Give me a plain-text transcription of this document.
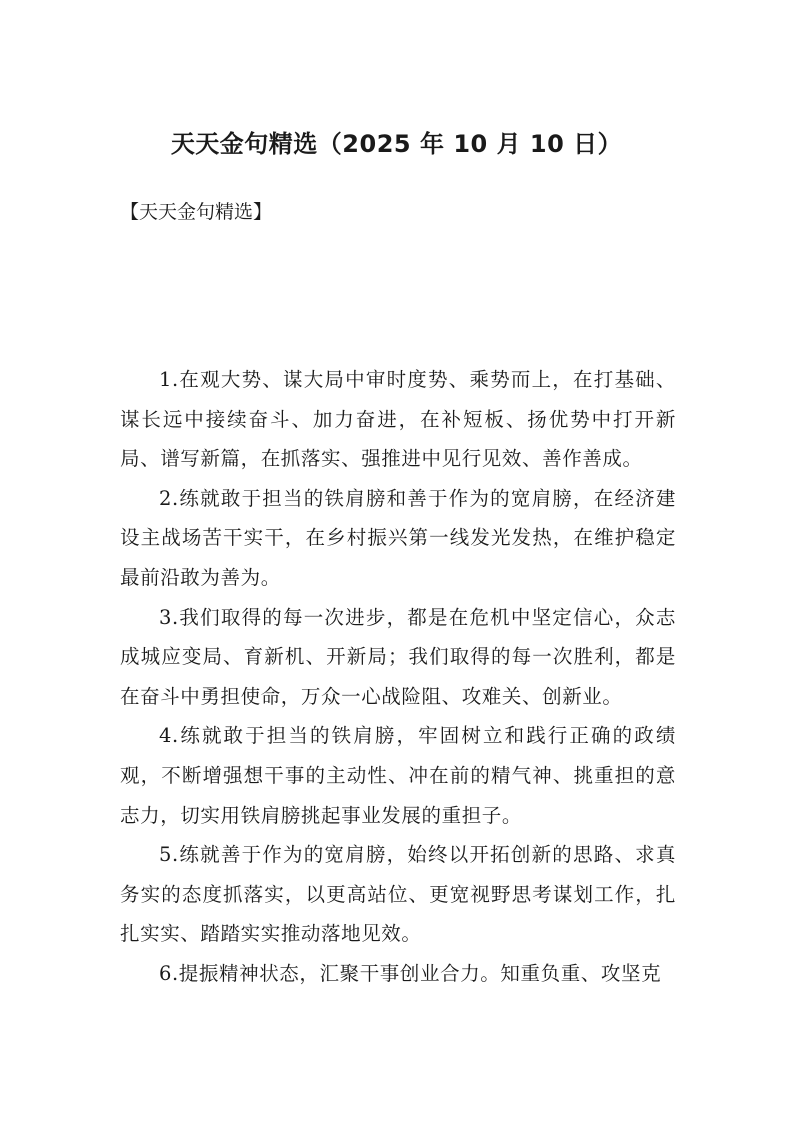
天天金句精选（2025 年 10 月 10 日）

【天天金句精选】

1.在观大势、谋大局中审时度势、乘势而上，在打基础、谋长远中接续奋斗、加力奋进，在补短板、扬优势中打开新局、谱写新篇，在抓落实、强推进中见行见效、善作善成。

2.练就敢于担当的铁肩膀和善于作为的宽肩膀，在经济建设主战场苦干实干，在乡村振兴第一线发光发热，在维护稳定最前沿敢为善为。

3.我们取得的每一次进步，都是在危机中坚定信心，众志成城应变局、育新机、开新局；我们取得的每一次胜利，都是在奋斗中勇担使命，万众一心战险阻、攻难关、创新业。

4.练就敢于担当的铁肩膀，牢固树立和践行正确的政绩观，不断增强想干事的主动性、冲在前的精气神、挑重担的意志力，切实用铁肩膀挑起事业发展的重担子。

5.练就善于作为的宽肩膀，始终以开拓创新的思路、求真务实的态度抓落实，以更高站位、更宽视野思考谋划工作，扎扎实实、踏踏实实推动落地见效。

6.提振精神状态，汇聚干事创业合力。知重负重、攻坚克
